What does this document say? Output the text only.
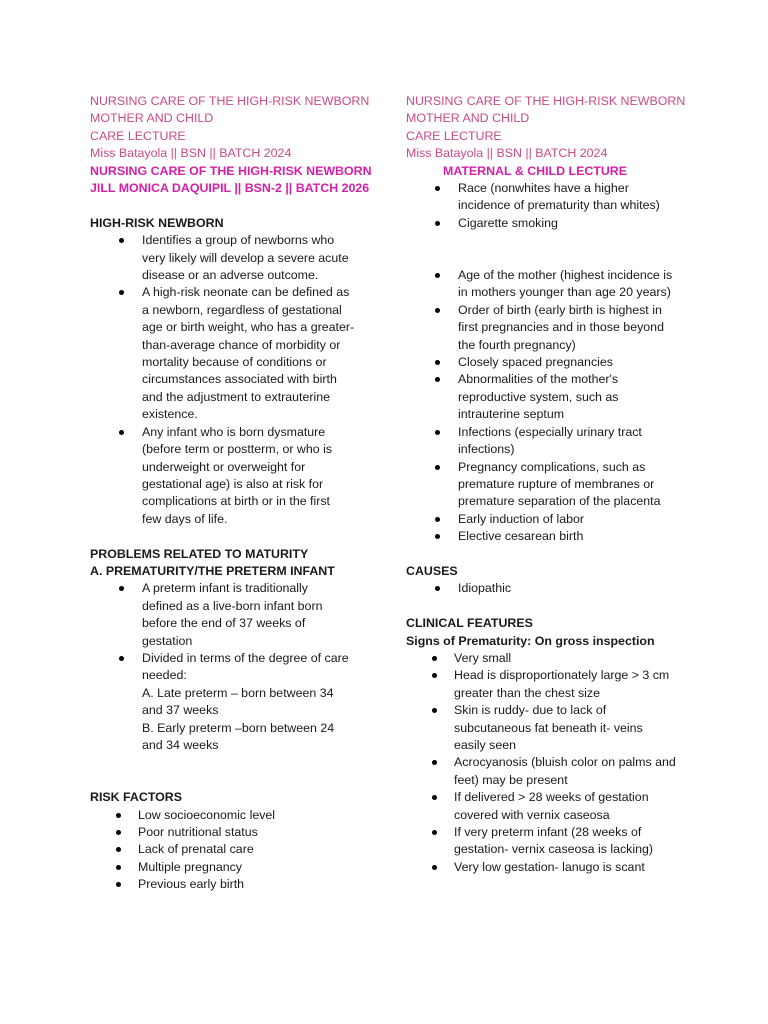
NURSING CARE OF THE HIGH-RISK NEWBORN
MOTHER AND CHILD
CARE LECTURE
Miss Batayola || BSN || BATCH 2024
NURSING CARE OF THE HIGH-RISK NEWBORN
JILL MONICA DAQUIPIL || BSN-2 || BATCH 2026
HIGH-RISK NEWBORN
Identifies a group of newborns who
very likely will develop a severe acute
disease or an adverse outcome.
A high-risk neonate can be defined as
a newborn, regardless of gestational
age or birth weight, who has a greater-
than-average chance of morbidity or
mortality because of conditions or
circumstances associated with birth
and the adjustment to extrauterine
existence.
Any infant who is born dysmature
(before term or postterm, or who is
underweight or overweight for
gestational age) is also at risk for
complications at birth or in the first
few days of life.
PROBLEMS RELATED TO MATURITY
A. PREMATURITY/THE PRETERM INFANT
A preterm infant is traditionally
defined as a live-born infant born
before the end of 37 weeks of
gestation
Divided in terms of the degree of care
needed:
A. Late preterm – born between 34
and 37 weeks
B. Early preterm –born between 24
and 34 weeks
RISK FACTORS
Low socioeconomic level
Poor nutritional status
Lack of prenatal care
Multiple pregnancy
Previous early birth
NURSING CARE OF THE HIGH-RISK NEWBORN
MOTHER AND CHILD
CARE LECTURE
Miss Batayola || BSN || BATCH 2024
MATERNAL & CHILD LECTURE
Race (nonwhites have a higher
incidence of prematurity than whites)
Cigarette smoking
Age of the mother (highest incidence is
in mothers younger than age 20 years)
Order of birth (early birth is highest in
first pregnancies and in those beyond
the fourth pregnancy)
Closely spaced pregnancies
Abnormalities of the mother's
reproductive system, such as
intrauterine septum
Infections (especially urinary tract
infections)
Pregnancy complications, such as
premature rupture of membranes or
premature separation of the placenta
Early induction of labor
Elective cesarean birth
CAUSES
Idiopathic
CLINICAL FEATURES
Signs of Prematurity: On gross inspection
Very small
Head is disproportionately large > 3 cm
greater than the chest size
Skin is ruddy- due to lack of
subcutaneous fat beneath it- veins
easily seen
Acrocyanosis (bluish color on palms and
feet) may be present
If delivered > 28 weeks of gestation
covered with vernix caseosa
If very preterm infant (28 weeks of
gestation- vernix caseosa is lacking)
Very low gestation- lanugo is scant
